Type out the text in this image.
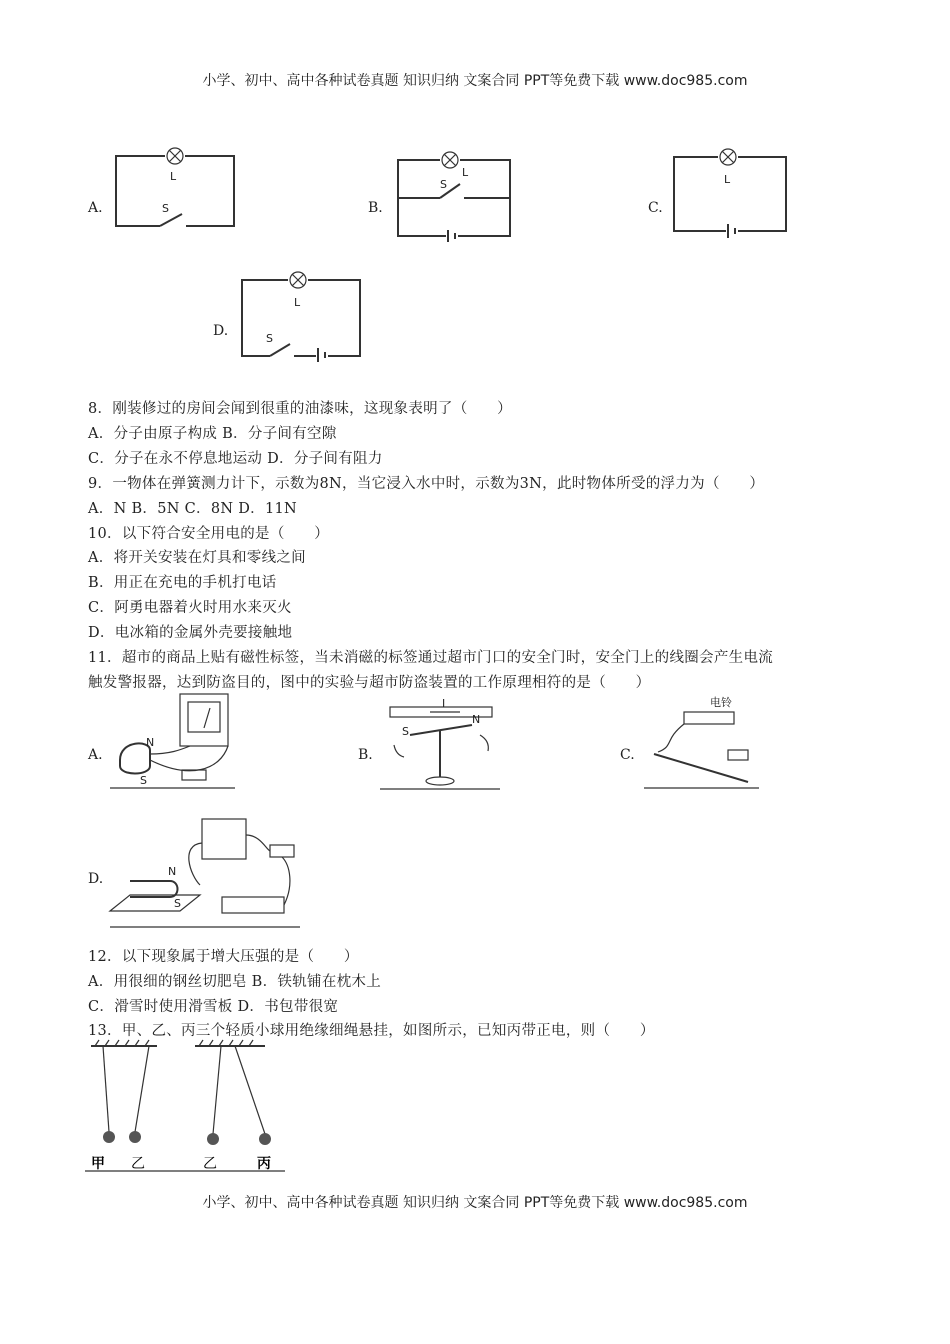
小学、初中、高中各种试卷真题 知识归纳 文案合同 PPT等免费下载 www.doc985.com
A.
L
S	B.
L
S
C.
L
D.
L
S
8．刚装修过的房间会闻到很重的油漆味，这现象表明了（　　）
A．分子由原子构成 B．分子间有空隙
C．分子在永不停息地运动 D．分子间有阻力
9．一物体在弹簧测力计下，示数为8N，当它浸入水中时，示数为3N，此时物体所受的浮力为（　　）
A．N B．5N C．8N D．11N
10．以下符合安全用电的是（　　）
A．将开关安装在灯具和零线之间
B．用正在充电的手机打电话
C．阿勇电器着火时用水来灭火
D．电冰箱的金属外壳要接触地
11．超市的商品上贴有磁性标签，当未消磁的标签通过超市门口的安全门时，安全门上的线圈会产生电流
触发警报器，达到防盗目的，图中的实验与超市防盗装置的工作原理相符的是（　　）
A.
N
S
B.
I
S
N
C.
电铃
D.	N
S
12．以下现象属于增大压强的是（　　）
A．用很细的钢丝切肥皂 B．铁轨铺在枕木上
C．滑雪时使用滑雪板 D．书包带很宽
13．甲、乙、丙三个轻质小球用绝缘细绳悬挂，如图所示，已知丙带正电，则（　　）
甲 乙	乙	丙
小学、初中、高中各种试卷真题 知识归纳 文案合同 PPT等免费下载 www.doc985.com
